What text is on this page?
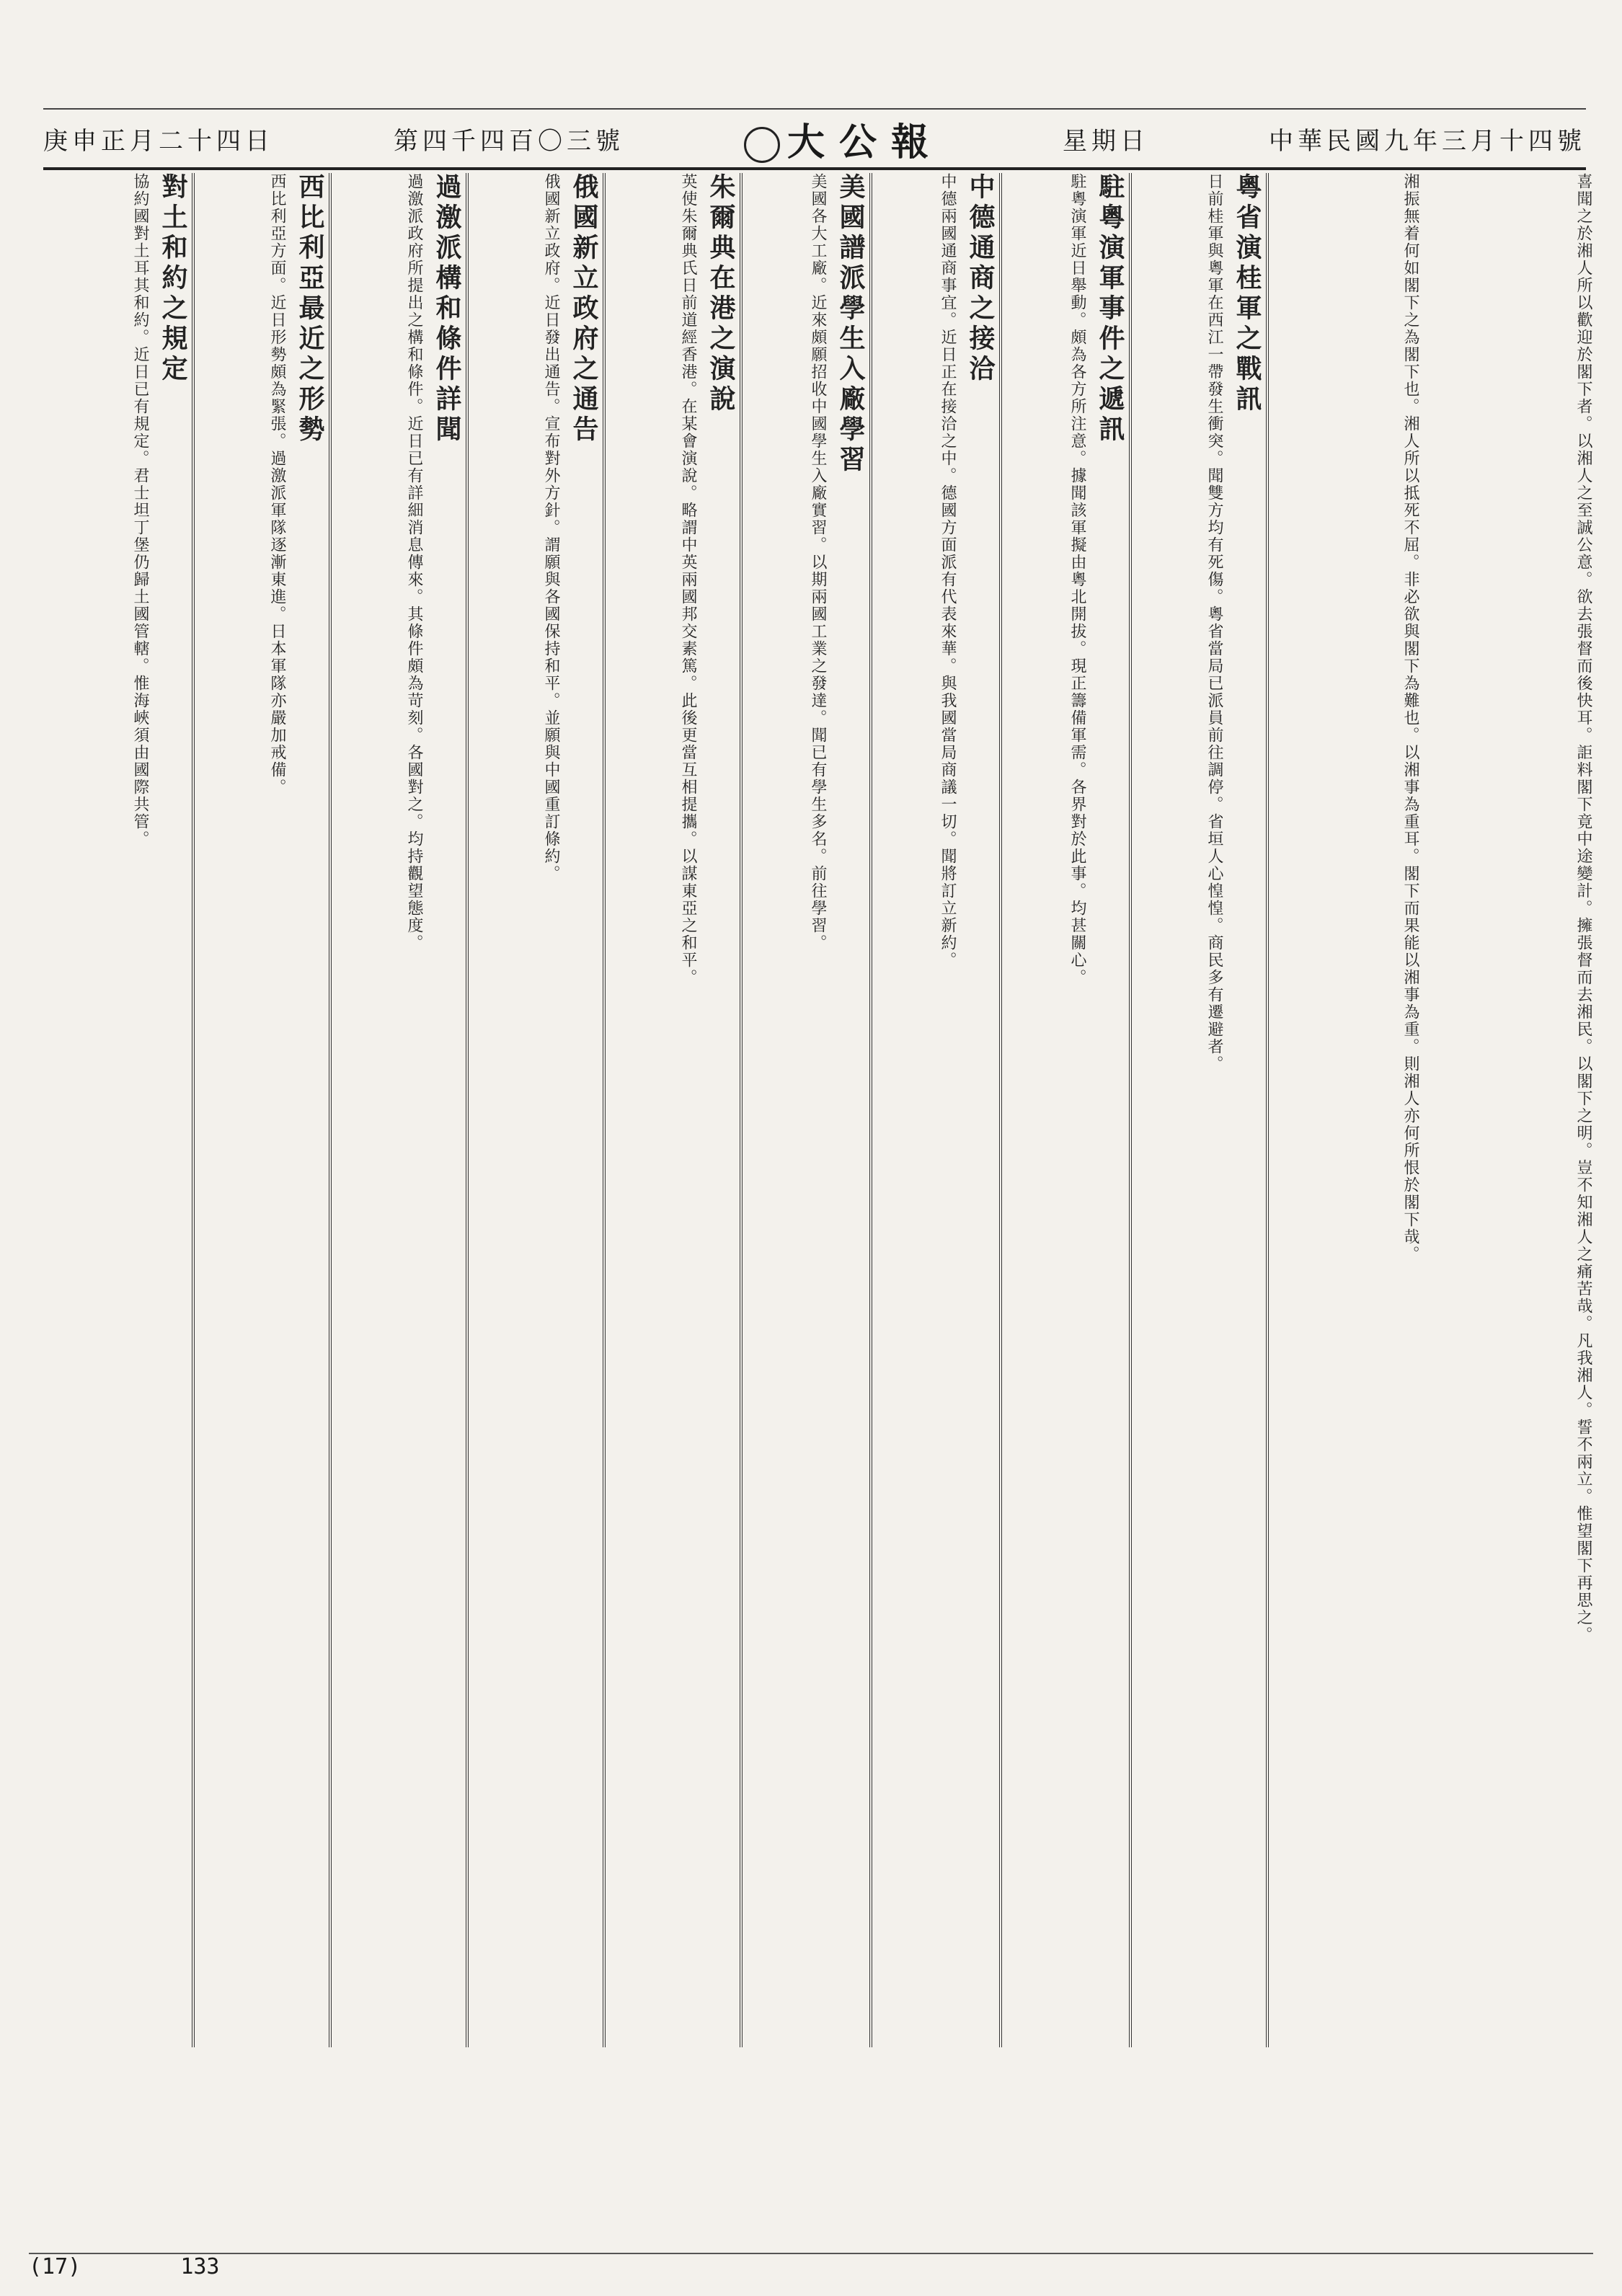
庚申正月二十四日	第四千四百〇三號	大公報	星期日	中華民國九年三月十四號

喜聞之於湘人所以歡迎於閣下者。以湘人之至誠公意。欲去張督而後快耳。詎料閣下竟中途變計。擁張督而去湘民。以閣下之明。豈不知湘人之痛苦哉。凡我湘人。誓不兩立。惟望閣下再思之。

湘振無着何如閣下之為閣下也。湘人所以抵死不屈。非必欲與閣下為難也。以湘事為重耳。閣下而果能以湘事為重。則湘人亦何所恨於閣下哉。

粵省演桂軍之戰訊

日前桂軍與粵軍在西江一帶發生衝突。聞雙方均有死傷。粵省當局已派員前往調停。省垣人心惶惶。商民多有遷避者。

駐粵演軍事件之遞訊

駐粵演軍近日舉動。頗為各方所注意。據聞該軍擬由粵北開拔。現正籌備軍需。各界對於此事。均甚關心。

中德通商之接洽

中德兩國通商事宜。近日正在接洽之中。德國方面派有代表來華。與我國當局商議一切。聞將訂立新約。

美國譜派學生入廠學習

美國各大工廠。近來頗願招收中國學生入廠實習。以期兩國工業之發達。聞已有學生多名。前往學習。

朱爾典在港之演說

英使朱爾典氏日前道經香港。在某會演說。略謂中英兩國邦交素篤。此後更當互相提攜。以謀東亞之和平。

俄國新立政府之通告

俄國新立政府。近日發出通告。宣布對外方針。謂願與各國保持和平。並願與中國重訂條約。

過激派構和條件詳聞

過激派政府所提出之構和條件。近日已有詳細消息傳來。其條件頗為苛刻。各國對之。均持觀望態度。

西比利亞最近之形勢

西比利亞方面。近日形勢頗為緊張。過激派軍隊逐漸東進。日本軍隊亦嚴加戒備。

對土和約之規定

協約國對土耳其和約。近日已有規定。君士坦丁堡仍歸土國管轄。惟海峽須由國際共管。

(17)	133
